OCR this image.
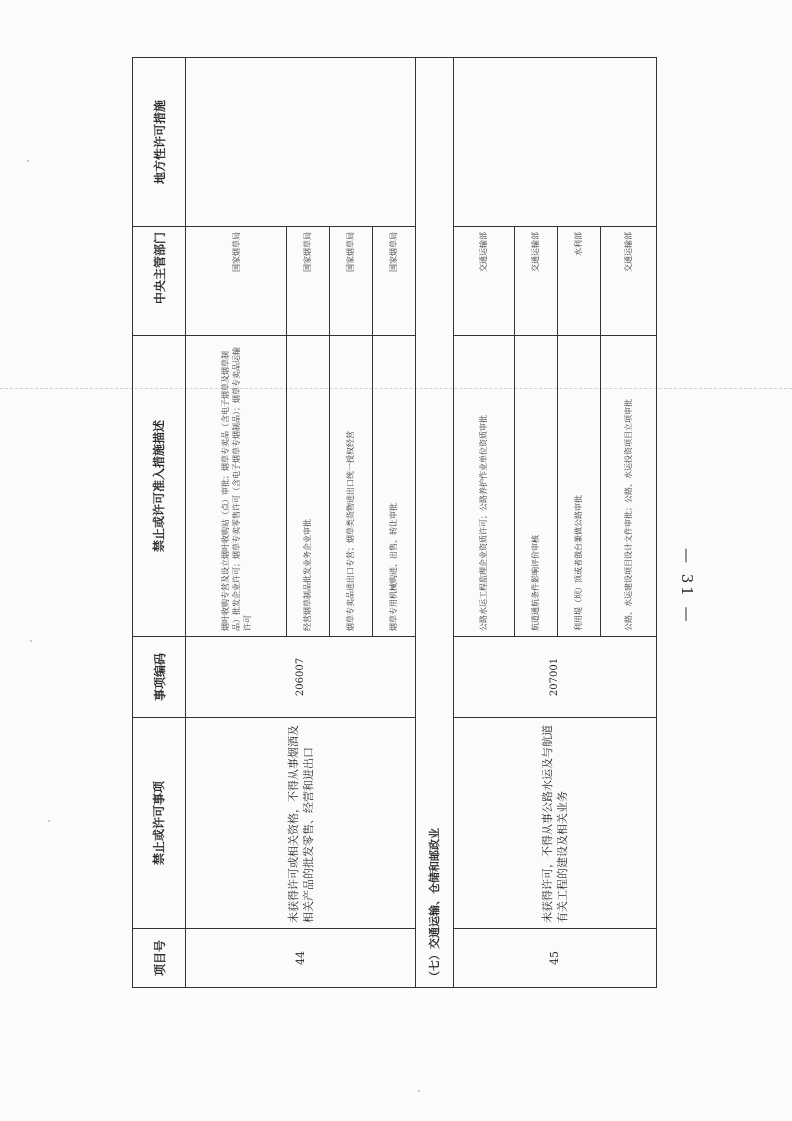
项目号	禁止或许可事项	事项编码	禁止或许可准入措施描述	中央主管部门	地方性许可措施
44	未获得许可或相关资格，不得从事烟酒及相关产品的批发零售、经营和进出口	206007	烟叶收购专营及设立烟叶收购站（点）审批；烟草专卖品（含电子烟草及烟草制品）批发企业许可；烟草专卖零售许可（含电子烟草专烟制品）；烟草专卖品运输许可	国家烟草局	
			经营烟草制品批发业务企业审批	国家烟草局	
			烟草专卖品进出口专营；烟草类货物进出口统一授权经营	国家烟草局	
			烟草专用机械购进、出售、转让审批	国家烟草局	
（七）交通运输、仓储和邮政业					
45	未获得许可，不得从事公路水运及与航道有关工程的建设及相关业务	207001	公路水运工程监理企业资质许可；公路养护作业单位资质审批	交通运输部	
			航道通航条件影响评价审核	交通运输部	
			利用堤（坝）顶或者戗台兼做公路审批	水利部	
			公路、水运建设项目设计文件审批；公路、水运投资项目立项审批	交通运输部	
— 31 —
